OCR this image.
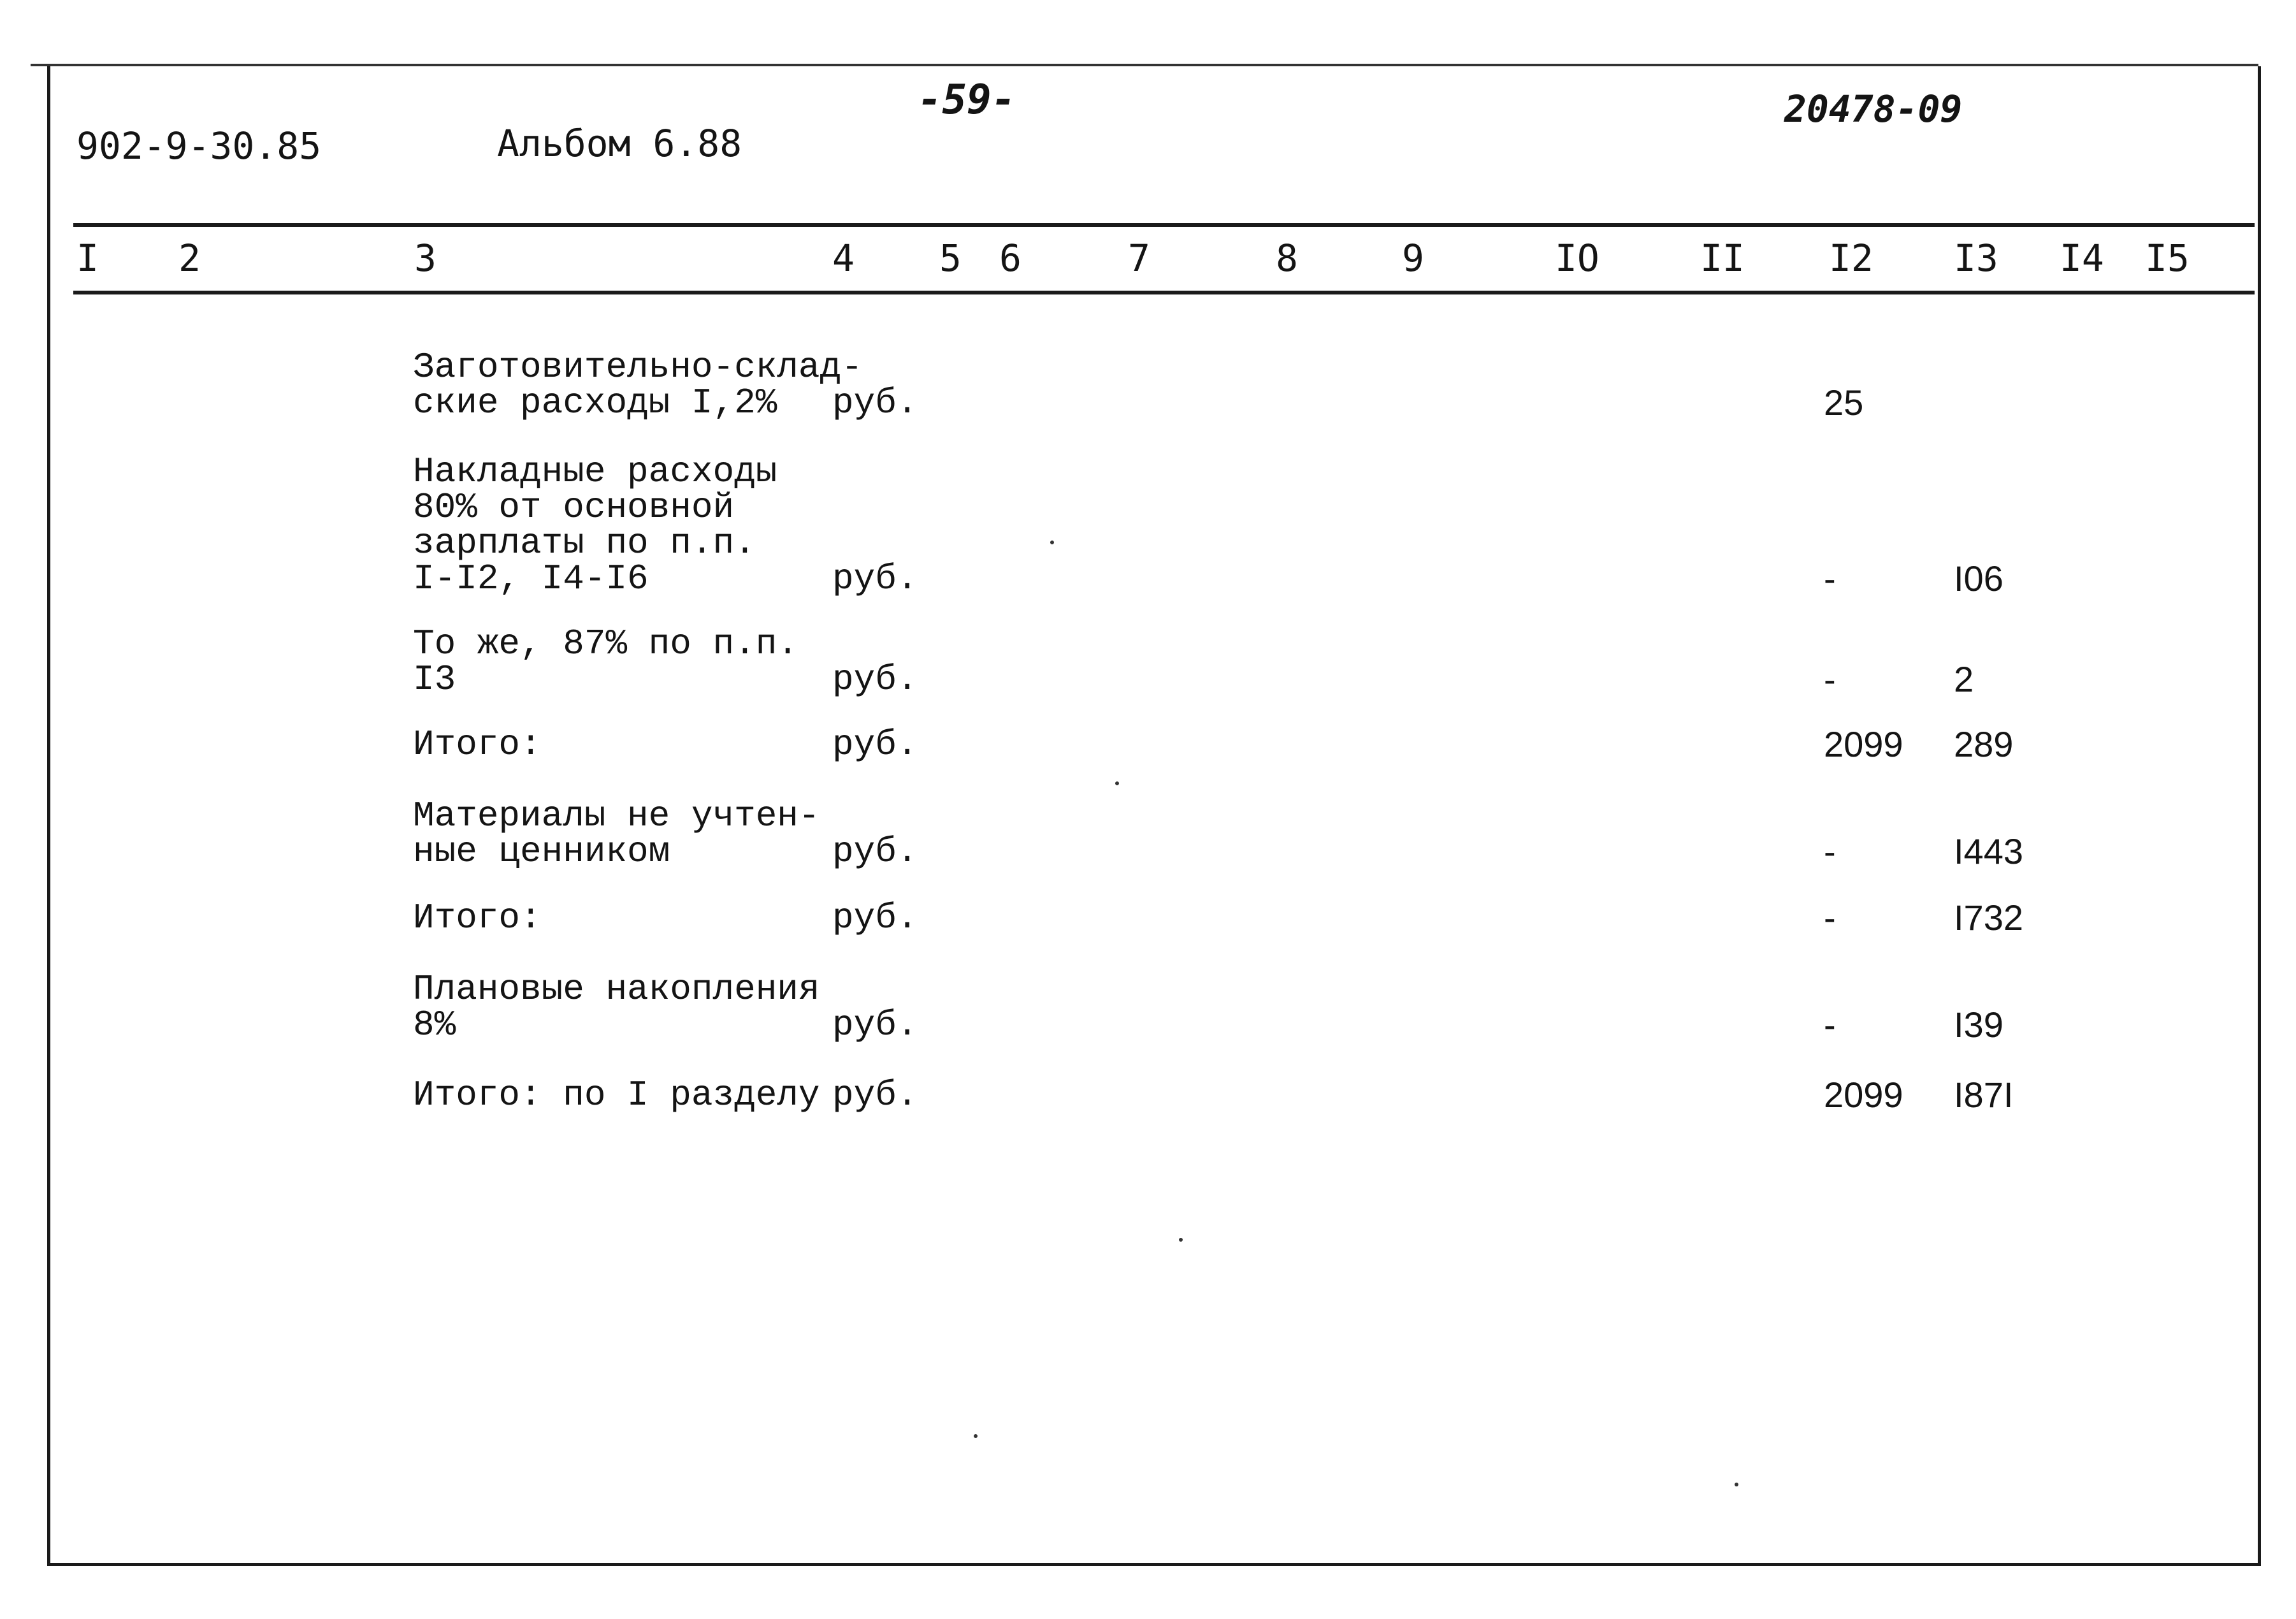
902-9-30.85	Альбом 6.88
-59-	20478-09
I 2	3	4 5 6	7	8	9	IO	II I2 I3 I4 I5
Заготовительно-склад-
ские расходы I,2%	руб.	25
Накладные расходы
80% от основной
зарплаты по п.п.
I-I2, I4-I6	руб.	-	I06
То же, 87% по п.п.
I3	руб.	-	2
Итого:	руб.	2099 289
Материалы не учтен-
ные ценником	руб.	-	I443
Итого:	руб.	-	I732
Плановые накопления
8%	руб.	-	I39
Итого: по I разделу руб.	2099 I87I
